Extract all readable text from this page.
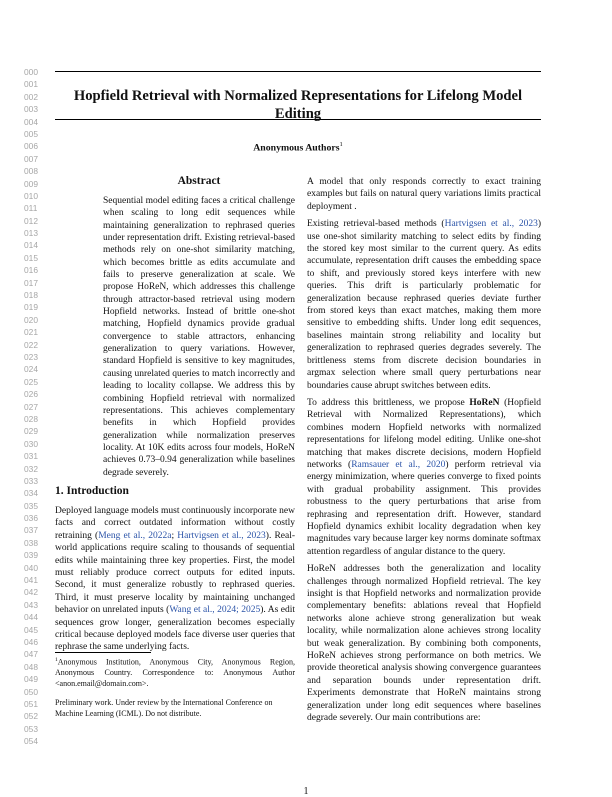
000
001
002
003
004
005
006
007
008
009
010
011
012
013
014
015
016
017
018
019
020
021
022
023
024
025
026
027
028
029
030
031
032
033
034
035
036
037
038
039
040
041
042
043
044
045
046
047
048
049
050
051
052
053
054
Hopfield Retrieval with Normalized Representations for Lifelong Model Editing
Anonymous Authors$^1$
Abstract

Sequential model editing faces a critical challenge when scaling to long edit sequences while maintaining generalization to rephrased queries under representation drift. Existing retrieval-based methods rely on one-shot similarity matching, which becomes brittle as edits accumulate and fails to preserve generalization at scale. We propose HoReN, which addresses this challenge through attractor-based retrieval using modern Hopfield networks. Instead of brittle one-shot matching, Hopfield dynamics provide gradual convergence to stable attractors, enhancing generalization to query variations. However, standard Hopfield is sensitive to key magnitudes, causing unrelated queries to match incorrectly and leading to locality collapse. We address this by combining Hopfield retrieval with normalized representations. This achieves complementary benefits in which Hopfield provides generalization while normalization preserves locality. At 10K edits across four models, HoReN achieves 0.73–0.94 generalization while baselines degrade severely.

1. Introduction

Deployed language models must continuously incorporate new facts and correct outdated information without costly retraining (Meng et al., 2022a; Hartvigsen et al., 2023). Real-world applications require scaling to thousands of sequential edits while maintaining three key properties. First, the model must reliably produce correct outputs for edited inputs. Second, it must generalize robustly to rephrased queries. Third, it must preserve locality by maintaining unchanged behavior on unrelated inputs (Wang et al., 2024; 2025). As edit sequences grow longer, generalization becomes especially critical because deployed models face diverse user queries that rephrase the same underlying facts.

$^1$Anonymous Institution, Anonymous City, Anonymous Region, Anonymous Country. Correspondence to: Anonymous Author <anon.email@domain.com>.

Preliminary work. Under review by the International Conference on Machine Learning (ICML). Do not distribute.

A model that only responds correctly to exact training examples but fails on natural query variations limits practical deployment .

Existing retrieval-based methods (Hartvigsen et al., 2023) use one-shot similarity matching to select edits by finding the stored key most similar to the current query. As edits accumulate, representation drift causes the embedding space to shift, and previously stored keys interfere with new queries. This drift is particularly problematic for generalization because rephrased queries deviate further from stored keys than exact matches, making them more sensitive to embedding shifts. Under long edit sequences, baselines maintain strong reliability and locality but generalization to rephrased queries degrades severely. The brittleness stems from discrete decision boundaries in argmax selection where small query perturbations near boundaries cause abrupt switches between edits.

To address this brittleness, we propose HoReN (Hopfield Retrieval with Normalized Representations), which combines modern Hopfield networks with normalized representations for lifelong model editing. Unlike one-shot matching that makes discrete decisions, modern Hopfield networks (Ramsauer et al., 2020) perform retrieval via energy minimization, where queries converge to fixed points with gradual probability assignment. This provides robustness to the query perturbations that arise from rephrasing and representation drift. However, standard Hopfield dynamics exhibit locality degradation when key magnitudes vary because larger key norms dominate softmax attention regardless of angular distance to the query.

HoReN addresses both the generalization and locality challenges through normalized Hopfield retrieval. The key insight is that Hopfield networks and normalization provide complementary benefits: ablations reveal that Hopfield networks alone achieve strong generalization but weak locality, while normalization alone achieves strong locality but weak generalization. By combining both components, HoReN achieves strong performance on both metrics. We provide theoretical analysis showing convergence guarantees and separation bounds under representation drift. Experiments demonstrate that HoReN maintains strong generalization under long edit sequences where baselines degrade severely. Our main contributions are:

1
